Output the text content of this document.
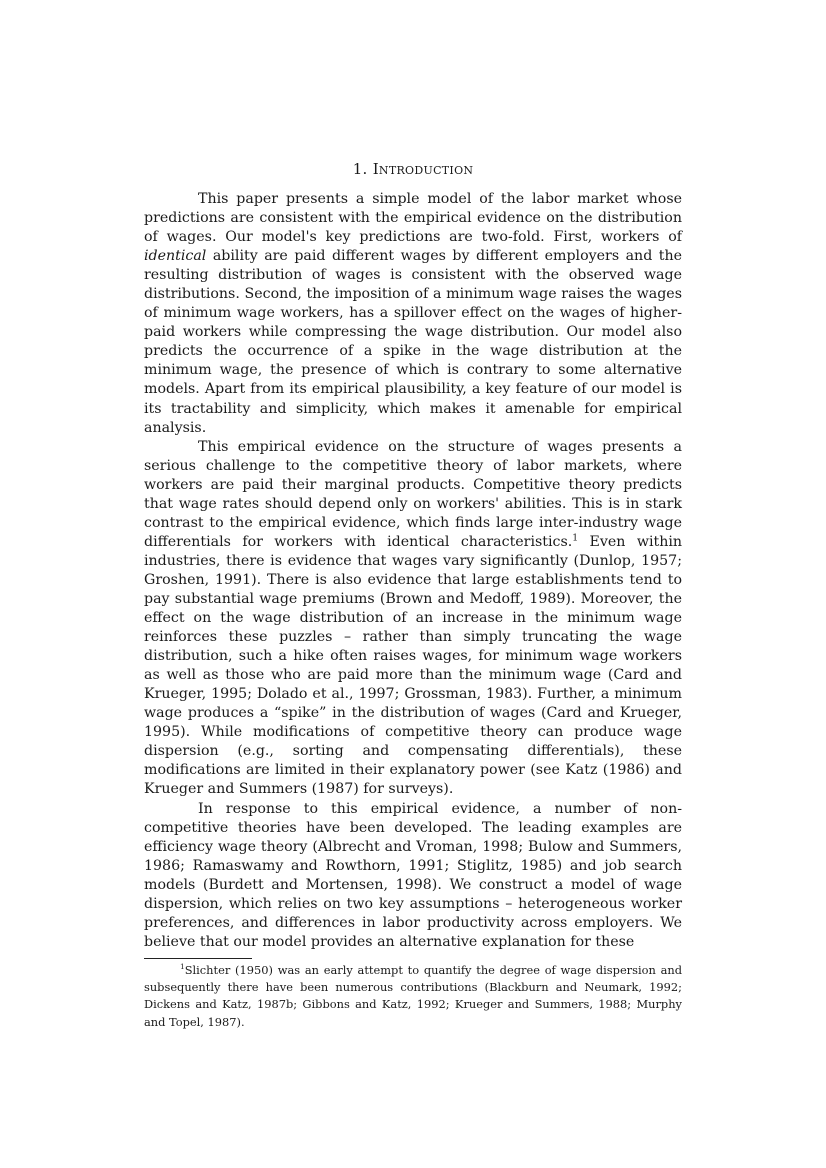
1. Introduction

This paper presents a simple model of the labor market whose predictions are consistent with the empirical evidence on the distribution of wages. Our model's key predictions are two-fold. First, workers of identical ability are paid different wages by different employers and the resulting distribution of wages is consistent with the observed wage distributions. Second, the imposition of a minimum wage raises the wages of minimum wage workers, has a spillover effect on the wages of higher-paid workers while compressing the wage distribution. Our model also predicts the occurrence of a spike in the wage distribution at the minimum wage, the presence of which is contrary to some alternative models. Apart from its empirical plausibility, a key feature of our model is its tractability and simplicity, which makes it amenable for empirical analysis.

This empirical evidence on the structure of wages presents a serious challenge to the competitive theory of labor markets, where workers are paid their marginal products. Competitive theory predicts that wage rates should depend only on workers' abilities. This is in stark contrast to the empirical evidence, which finds large inter-industry wage differentials for workers with identical characteristics.$^1$ Even within industries, there is evidence that wages vary significantly (Dunlop, 1957; Groshen, 1991). There is also evidence that large establishments tend to pay substantial wage premiums (Brown and Medoff, 1989). Moreover, the effect on the wage distribution of an increase in the minimum wage reinforces these puzzles – rather than simply truncating the wage distribution, such a hike often raises wages, for minimum wage workers as well as those who are paid more than the minimum wage (Card and Krueger, 1995; Dolado et al., 1997; Grossman, 1983). Further, a minimum wage produces a “spike” in the distribution of wages (Card and Krueger, 1995). While modifications of competitive theory can produce wage dispersion (e.g., sorting and compensating differentials), these modifications are limited in their explanatory power (see Katz (1986) and Krueger and Summers (1987) for surveys).

In response to this empirical evidence, a number of non-competitive theories have been developed. The leading examples are efficiency wage theory (Albrecht and Vroman, 1998; Bulow and Summers, 1986; Ramaswamy and Rowthorn, 1991; Stiglitz, 1985) and job search models (Burdett and Mortensen, 1998). We construct a model of wage dispersion, which relies on two key assumptions – heterogeneous worker preferences, and differences in labor productivity across employers. We believe that our model provides an alternative explanation for these

$^1$Slichter (1950) was an early attempt to quantify the degree of wage dispersion and subsequently there have been numerous contributions (Blackburn and Neumark, 1992; Dickens and Katz, 1987b; Gibbons and Katz, 1992; Krueger and Summers, 1988; Murphy and Topel, 1987).
